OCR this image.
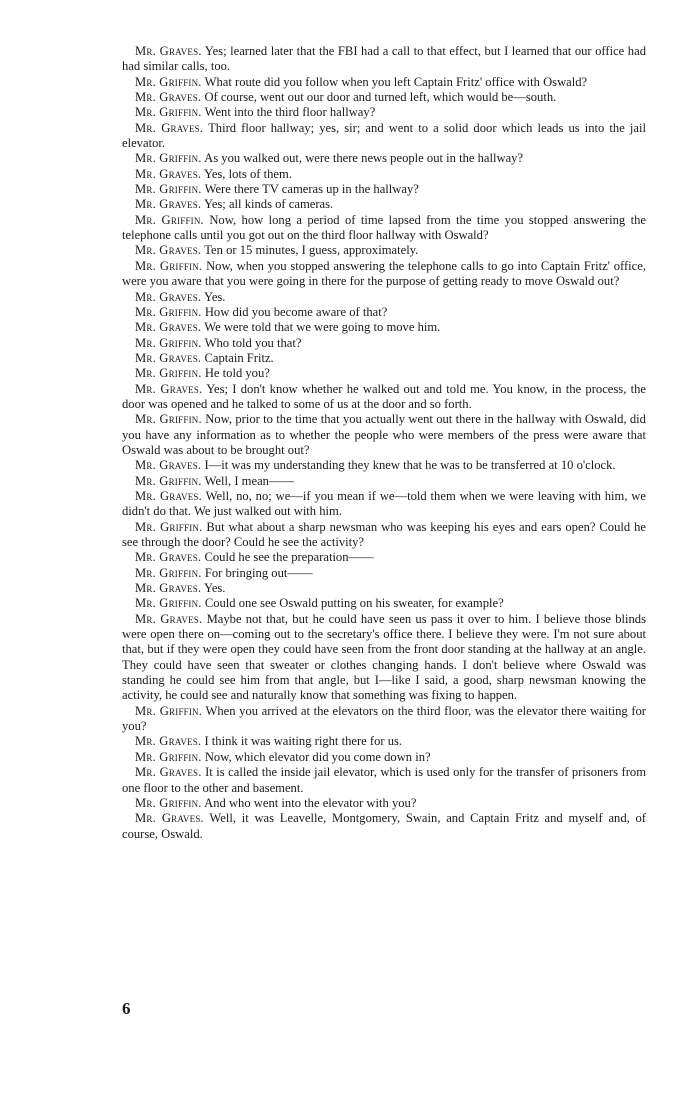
Mr. Graves. Yes; learned later that the FBI had a call to that effect, but I learned that our office had had similar calls, too.

Mr. Griffin. What route did you follow when you left Captain Fritz' office with Oswald?

Mr. Graves. Of course, went out our door and turned left, which would be—south.

Mr. Griffin. Went into the third floor hallway?

Mr. Graves. Third floor hallway; yes, sir; and went to a solid door which leads us into the jail elevator.

Mr. Griffin. As you walked out, were there news people out in the hallway?

Mr. Graves. Yes, lots of them.

Mr. Griffin. Were there TV cameras up in the hallway?

Mr. Graves. Yes; all kinds of cameras.

Mr. Griffin. Now, how long a period of time lapsed from the time you stopped answering the telephone calls until you got out on the third floor hallway with Oswald?

Mr. Graves. Ten or 15 minutes, I guess, approximately.

Mr. Griffin. Now, when you stopped answering the telephone calls to go into Captain Fritz' office, were you aware that you were going in there for the purpose of getting ready to move Oswald out?

Mr. Graves. Yes.

Mr. Griffin. How did you become aware of that?

Mr. Graves. We were told that we were going to move him.

Mr. Griffin. Who told you that?

Mr. Graves. Captain Fritz.

Mr. Griffin. He told you?

Mr. Graves. Yes; I don't know whether he walked out and told me. You know, in the process, the door was opened and he talked to some of us at the door and so forth.

Mr. Griffin. Now, prior to the time that you actually went out there in the hallway with Oswald, did you have any information as to whether the people who were members of the press were aware that Oswald was about to be brought out?

Mr. Graves. I—it was my understanding they knew that he was to be transferred at 10 o'clock.

Mr. Griffin. Well, I mean——

Mr. Graves. Well, no, no; we—if you mean if we—told them when we were leaving with him, we didn't do that. We just walked out with him.

Mr. Griffin. But what about a sharp newsman who was keeping his eyes and ears open? Could he see through the door? Could he see the activity?

Mr. Graves. Could he see the preparation——

Mr. Griffin. For bringing out——

Mr. Graves. Yes.

Mr. Griffin. Could one see Oswald putting on his sweater, for example?

Mr. Graves. Maybe not that, but he could have seen us pass it over to him. I believe those blinds were open there on—coming out to the secretary's office there. I believe they were. I'm not sure about that, but if they were open they could have seen from the front door standing at the hallway at an angle. They could have seen that sweater or clothes changing hands. I don't believe where Oswald was standing he could see him from that angle, but I—like I said, a good, sharp newsman knowing the activity, he could see and naturally know that something was fixing to happen.

Mr. Griffin. When you arrived at the elevators on the third floor, was the elevator there waiting for you?

Mr. Graves. I think it was waiting right there for us.

Mr. Griffin. Now, which elevator did you come down in?

Mr. Graves. It is called the inside jail elevator, which is used only for the transfer of prisoners from one floor to the other and basement.

Mr. Griffin. And who went into the elevator with you?

Mr. Graves. Well, it was Leavelle, Montgomery, Swain, and Captain Fritz and myself and, of course, Oswald.

6
